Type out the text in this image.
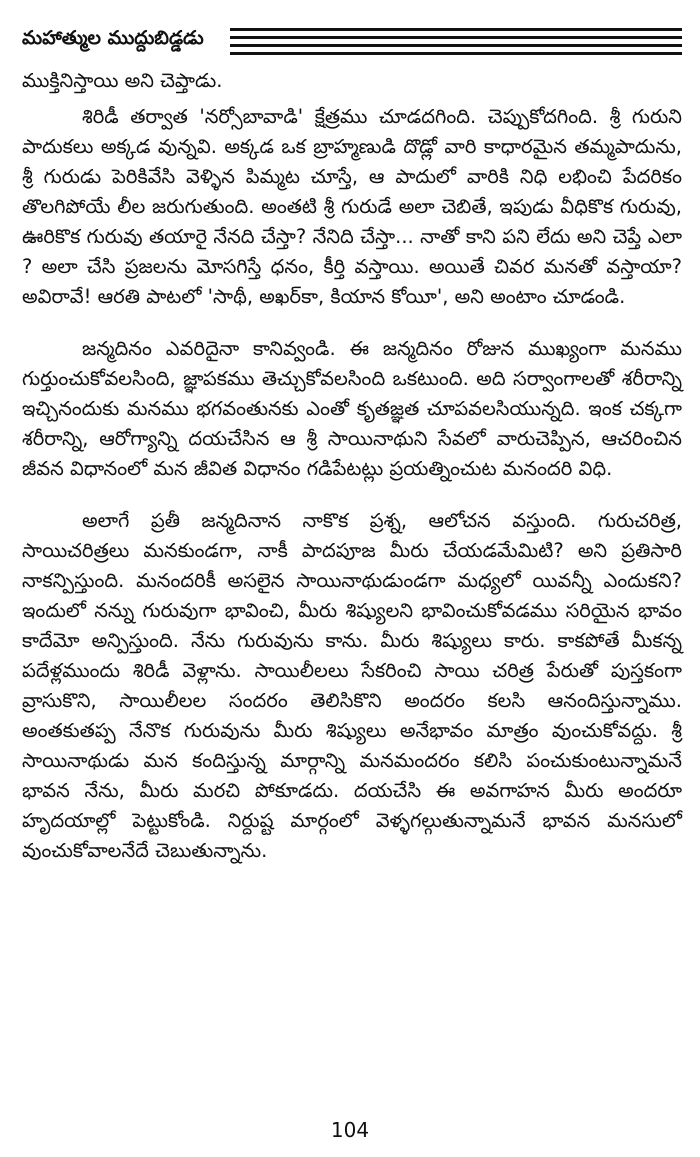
మహాత్ముల ముద్దుబిడ్డడు

ముక్తినిస్తాయి అని చెప్తాడు.

శిరిడీ తర్వాత 'నర్సోబావాడి' క్షేత్రము చూడదగింది. చెప్పుకోదగింది. శ్రీ గురుని పాదుకలు అక్కడ వున్నవి. అక్కడ ఒక బ్రాహ్మణుడి దొడ్లో వారి కాధారమైన తమ్మపాదును, శ్రీ గురుడు పెరికివేసి వెళ్ళిన పిమ్మట చూస్తే, ఆ పాదులో వారికి నిధి లభించి పేదరికం తొలగిపోయే లీల జరుగుతుంది. అంతటి శ్రీ గురుడే అలా చెబితే, ఇపుడు వీధికొక గురువు, ఊరికొక గురువు తయారై నేనది చేస్తా? నేనిది చేస్తా... నాతో కాని పని లేదు అని చెప్తే ఎలా ? అలా చేసి ప్రజలను మోసగిస్తే ధనం, కీర్తి వస్తాయి. అయితే చివర మనతో వస్తాయా? అవిరావే! ఆరతి పాటలో 'సాథీ, అఖర్‌కా, కియాన కోయీ', అని అంటాం చూడండి.

జన్మదినం ఎవరిదైనా కానివ్వండి. ఈ జన్మదినం రోజున ముఖ్యంగా మనము గుర్తుంచుకోవలసింది, జ్ఞాపకము తెచ్చుకోవలసింది ఒకటుంది. అది సర్వాంగాలతో శరీరాన్ని ఇచ్చినందుకు మనము భగవంతునకు ఎంతో కృతజ్ఞత చూపవలసియున్నది. ఇంక చక్కగా శరీరాన్ని, ఆరోగ్యాన్ని దయచేసిన ఆ శ్రీ సాయినాథుని సేవలో వారుచెప్పిన, ఆచరించిన జీవన విధానంలో మన జీవిత విధానం గడిపేటట్లు ప్రయత్నించుట మనందరి విధి.

అలాగే ప్రతీ జన్మదినాన నాకొక ప్రశ్న, ఆలోచన వస్తుంది. గురుచరిత్ర, సాయిచరిత్రలు మనకుండగా, నాకీ పాదపూజ మీరు చేయడమేమిటి? అని ప్రతిసారి నాకన్పిస్తుంది. మనందరికీ అసలైన సాయినాథుడుండగా మధ్యలో యివన్నీ ఎందుకని? ఇందులో నన్ను గురువుగా భావించి, మీరు శిష్యులని భావించుకోవడము సరియైన భావం కాదేమో అన్పిస్తుంది. నేను గురువును కాను. మీరు శిష్యులు కారు. కాకపోతే మీకన్న పదేళ్లముందు శిరిడీ వెళ్లాను. సాయిలీలలు సేకరించి సాయి చరిత్ర పేరుతో పుస్తకంగా వ్రాసుకొని, సాయిలీలల సందరం తెలిసికొని అందరం కలసి ఆనందిస్తున్నాము. అంతకుతప్ప నేనొక గురువును మీరు శిష్యులు అనేభావం మాత్రం వుంచుకోవద్దు. శ్రీ సాయినాథుడు మన కందిస్తున్న మార్గాన్ని మనమందరం కలిసి పంచుకుంటున్నామనే భావన నేను, మీరు మరచి పోకూడదు. దయచేసి ఈ అవగాహన మీరు అందరూ హృదయాల్లో పెట్టుకోండి. నిర్దుష్ట మార్గంలో వెళ్ళగల్గుతున్నామనే భావన మనసులో వుంచుకోవాలనేదే చెబుతున్నాను.

104
